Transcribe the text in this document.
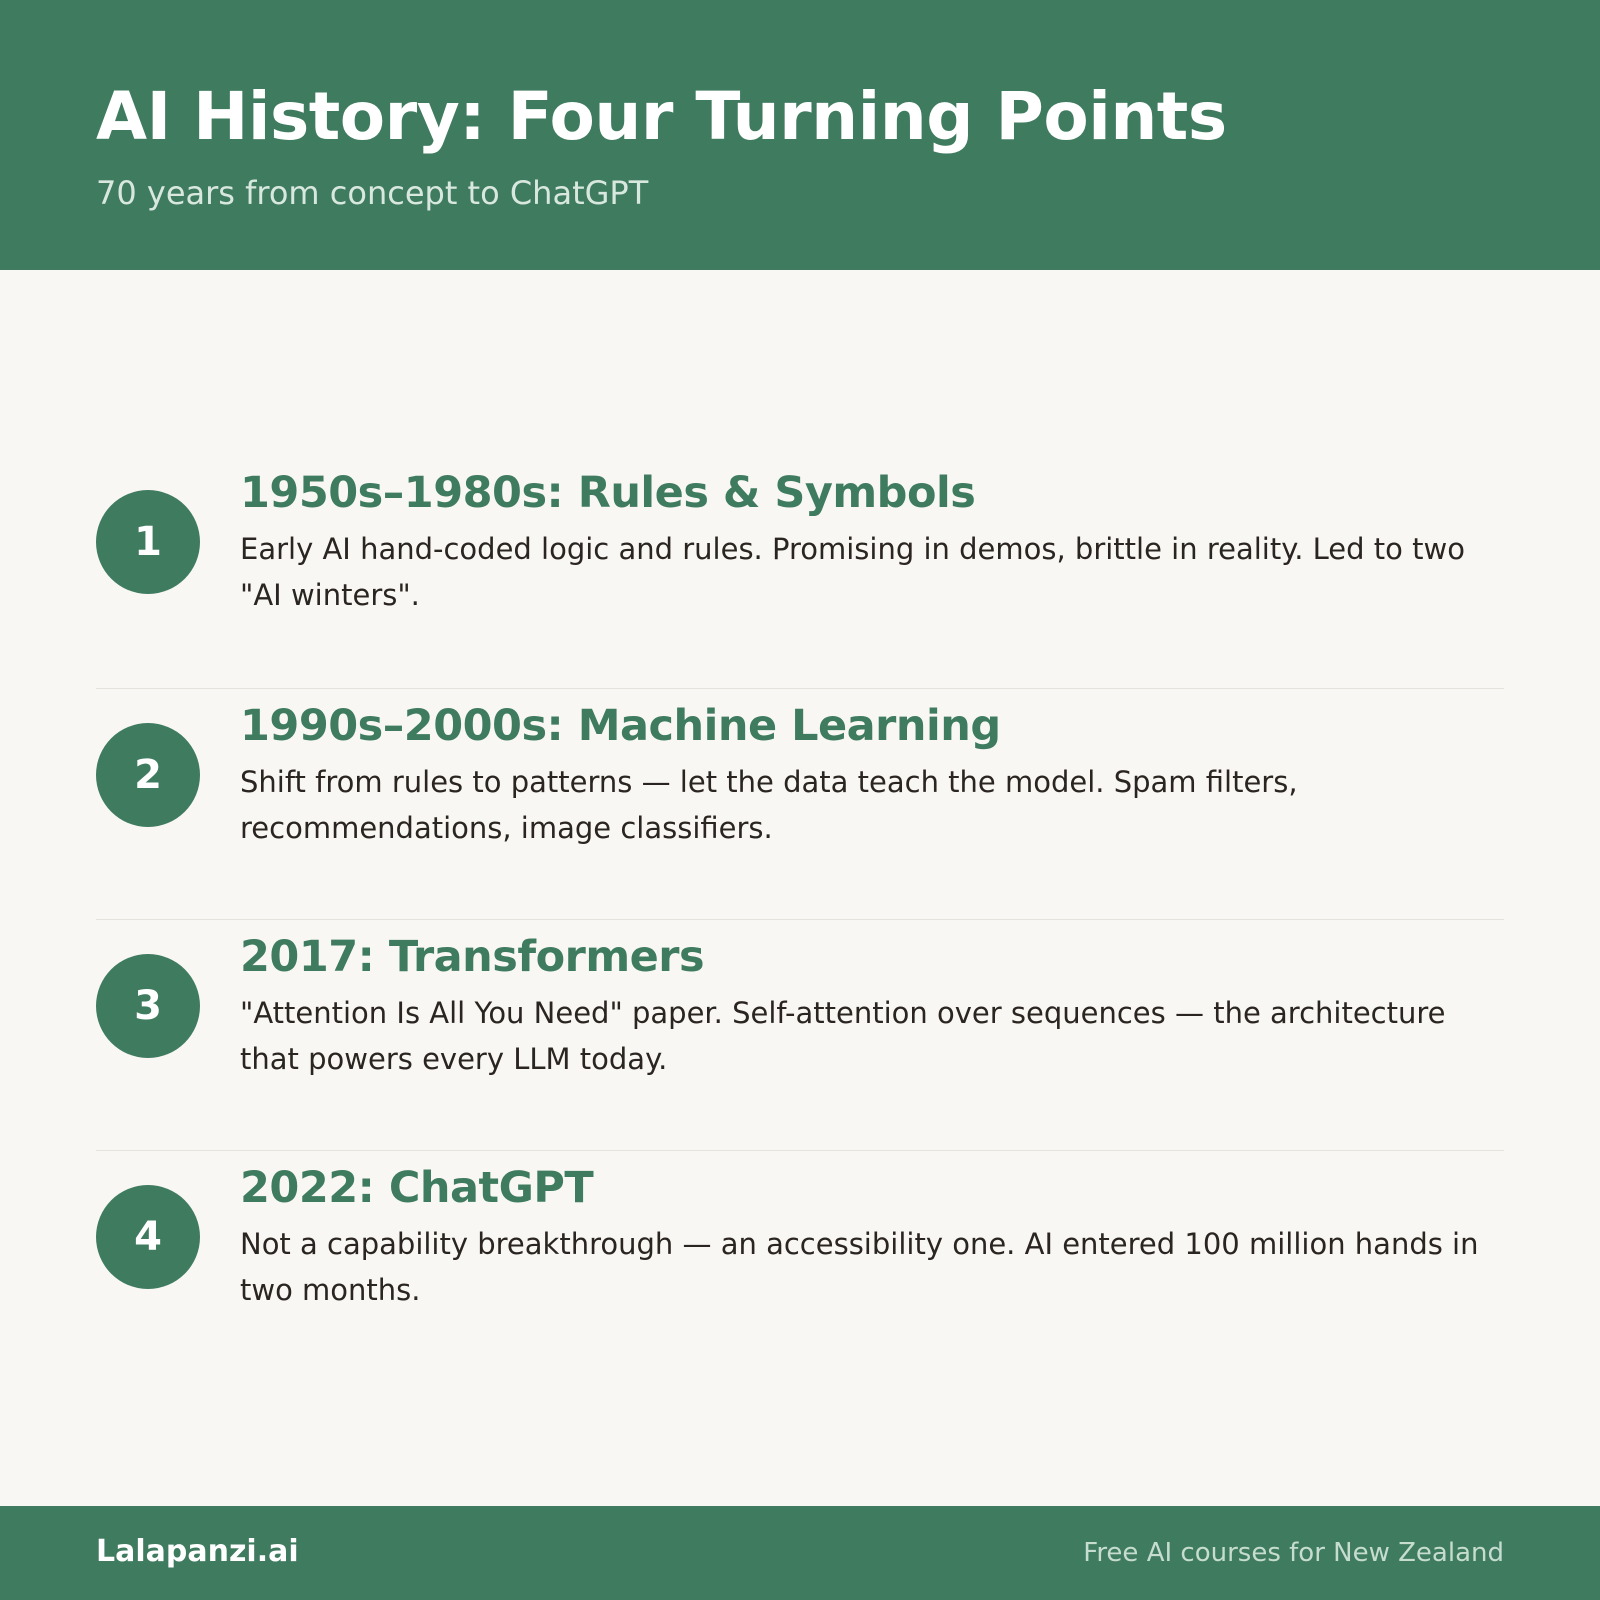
AI History: Four Turning Points

70 years from concept to ChatGPT

1
1950s–1980s: Rules & Symbols

Early AI hand-coded logic and rules. Promising in demos, brittle in reality. Led to two "AI winters".

2
1990s–2000s: Machine Learning

Shift from rules to patterns — let the data teach the model. Spam filters, recommendations, image classifiers.

3
2017: Transformers

"Attention Is All You Need" paper. Self-attention over sequences — the architecture that powers every LLM today.

4
2022: ChatGPT

Not a capability breakthrough — an accessibility one. AI entered 100 million hands in two months.

Lalapanzi.ai	Free AI courses for New Zealand
